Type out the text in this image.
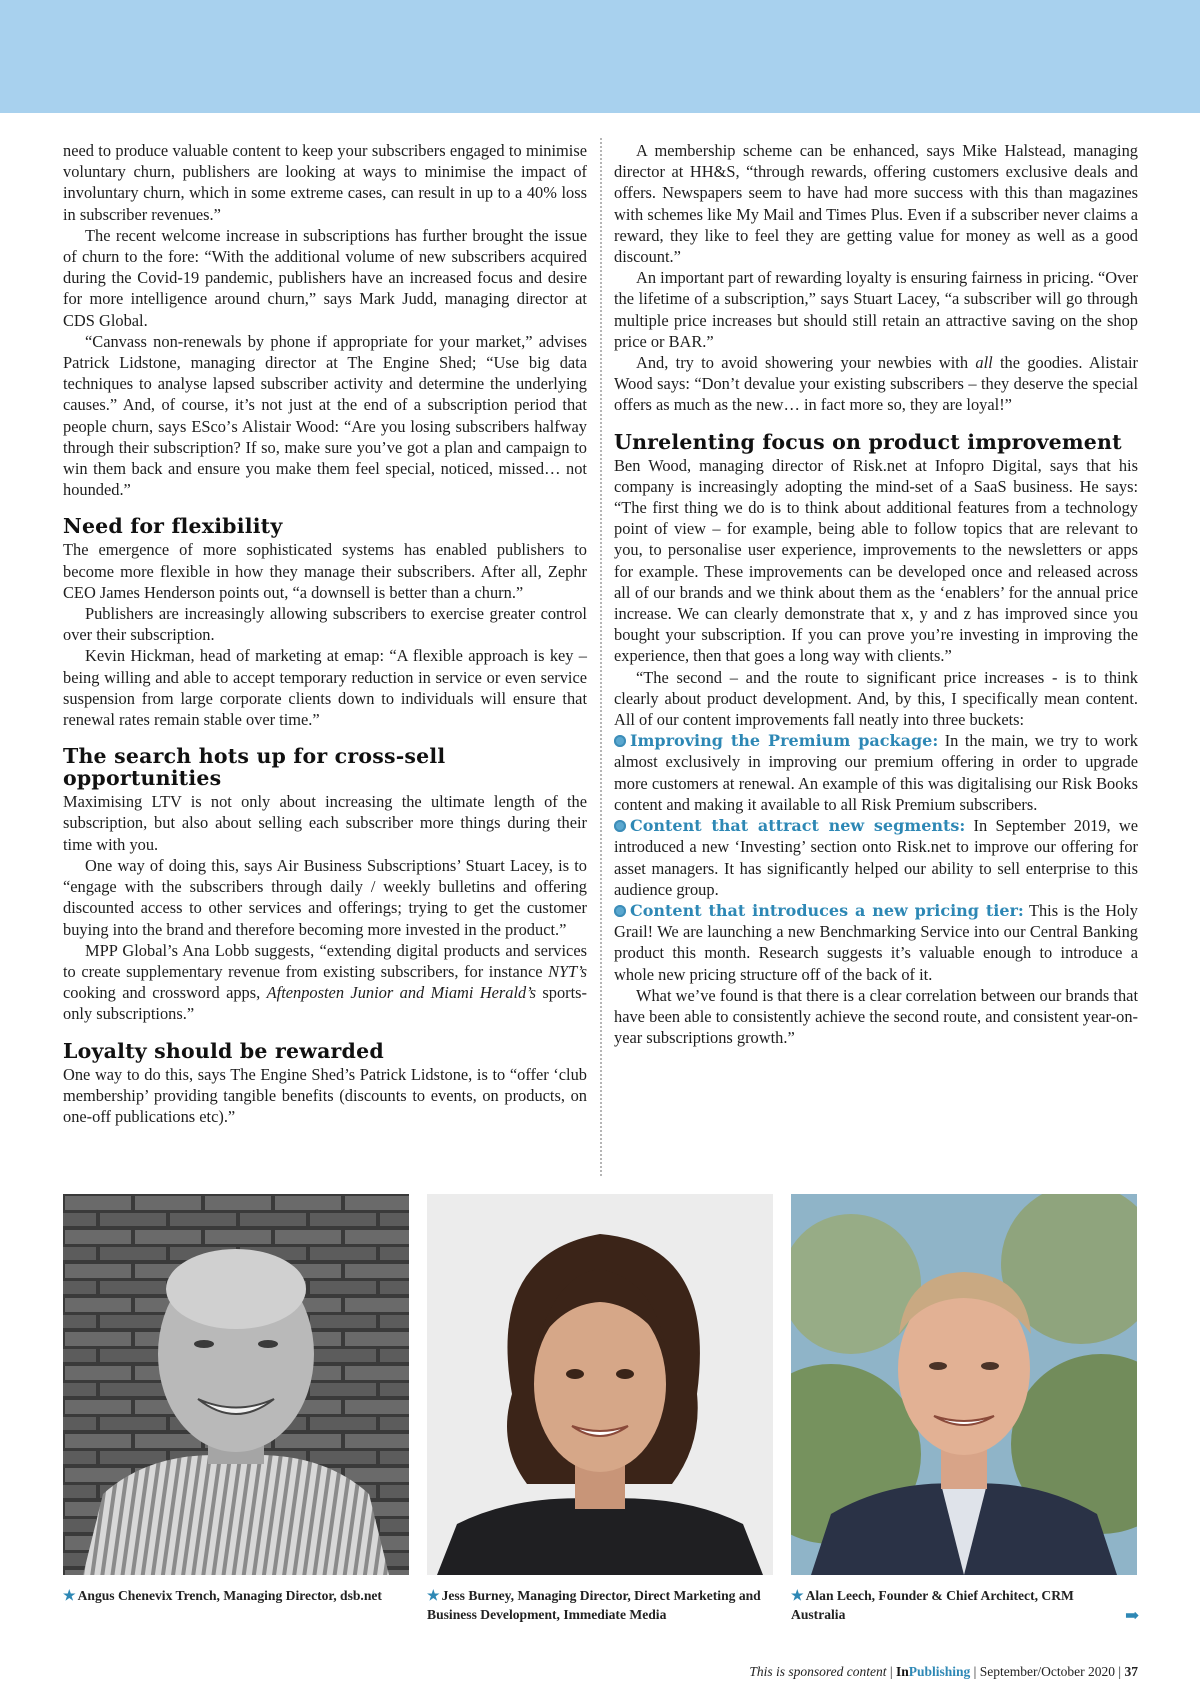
need to produce valuable content to keep your subscribers engaged to minimise voluntary churn, publishers are looking at ways to minimise the impact of involuntary churn, which in some extreme cases, can result in up to a 40% loss in subscriber revenues.”

The recent welcome increase in subscriptions has further brought the issue of churn to the fore: “With the additional volume of new subscribers acquired during the Covid-19 pandemic, publishers have an increased focus and desire for more intelligence around churn,” says Mark Judd, managing director at CDS Global.

“Canvass non-renewals by phone if appropriate for your market,” advises Patrick Lidstone, managing director at The Engine Shed; “Use big data techniques to analyse lapsed subscriber activity and determine the underlying causes.” And, of course, it’s not just at the end of a subscription period that people churn, says EScо’s Alistair Wood: “Are you losing subscribers halfway through their subscription? If so, make sure you’ve got a plan and campaign to win them back and ensure you make them feel special, noticed, missed… not hounded.”

Need for flexibility

The emergence of more sophisticated systems has enabled publishers to become more flexible in how they manage their subscribers. After all, Zephr CEO James Henderson points out, “a downsell is better than a churn.”

Publishers are increasingly allowing subscribers to exercise greater control over their subscription.

Kevin Hickman, head of marketing at emap: “A flexible approach is key – being willing and able to accept temporary reduction in service or even service suspension from large corporate clients down to individuals will ensure that renewal rates remain stable over time.”

The search hots up for cross-sell opportunities

Maximising LTV is not only about increasing the ultimate length of the subscription, but also about selling each subscriber more things during their time with you.

One way of doing this, says Air Business Subscriptions’ Stuart Lacey, is to “engage with the subscribers through daily / weekly bulletins and offering discounted access to other services and offerings; trying to get the customer buying into the brand and therefore becoming more invested in the product.”

MPP Global’s Ana Lobb suggests, “extending digital products and services to create supplementary revenue from existing subscribers, for instance NYT’s cooking and crossword apps, Aftenposten Junior and Miami Herald’s sports-only subscriptions.”

Loyalty should be rewarded

One way to do this, says The Engine Shed’s Patrick Lidstone, is to “offer ‘club membership’ providing tangible benefits (discounts to events, on products, on one-off publications etc).”

A membership scheme can be enhanced, says Mike Halstead, managing director at HH&S, “through rewards, offering customers exclusive deals and offers. Newspapers seem to have had more success with this than magazines with schemes like My Mail and Times Plus. Even if a subscriber never claims a reward, they like to feel they are getting value for money as well as a good discount.”

An important part of rewarding loyalty is ensuring fairness in pricing. “Over the lifetime of a subscription,” says Stuart Lacey, “a subscriber will go through multiple price increases but should still retain an attractive saving on the shop price or BAR.”

And, try to avoid showering your newbies with all the goodies. Alistair Wood says: “Don’t devalue your existing subscribers – they deserve the special offers as much as the new… in fact more so, they are loyal!”

Unrelenting focus on product improvement

Ben Wood, managing director of Risk.net at Infopro Digital, says that his company is increasingly adopting the mind-set of a SaaS business. He says: “The first thing we do is to think about additional features from a technology point of view – for example, being able to follow topics that are relevant to you, to personalise user experience, improvements to the newsletters or apps for example. These improvements can be developed once and released across all of our brands and we think about them as the ‘enablers’ for the annual price increase. We can clearly demonstrate that x, y and z has improved since you bought your subscription. If you can prove you’re investing in improving the experience, then that goes a long way with clients.”

“The second – and the route to significant price increases - is to think clearly about product development. And, by this, I specifically mean content. All of our content improvements fall neatly into three buckets:

Improving the Premium package: In the main, we try to work almost exclusively in improving our premium offering in order to upgrade more customers at renewal. An example of this was digitalising our Risk Books content and making it available to all Risk Premium subscribers.

Content that attract new segments: In September 2019, we introduced a new ‘Investing’ section onto Risk.net to improve our offering for asset managers. It has significantly helped our ability to sell enterprise to this audience group.

Content that introduces a new pricing tier: This is the Holy Grail! We are launching a new Benchmarking Service into our Central Banking product this month. Research suggests it’s valuable enough to introduce a whole new pricing structure off of the back of it.

What we’ve found is that there is a clear correlation between our brands that have been able to consistently achieve the second route, and consistent year-on-year subscriptions growth.”

★ Angus Chenevix Trench, Managing Director, dsb.net	★ Jess Burney, Managing Director, Direct Marketing and Business Development, Immediate Media
★ Alan Leech, Founder & Chief Architect, CRM Australia	➡
This is sponsored content | InPublishing | September/October 2020 | 37
